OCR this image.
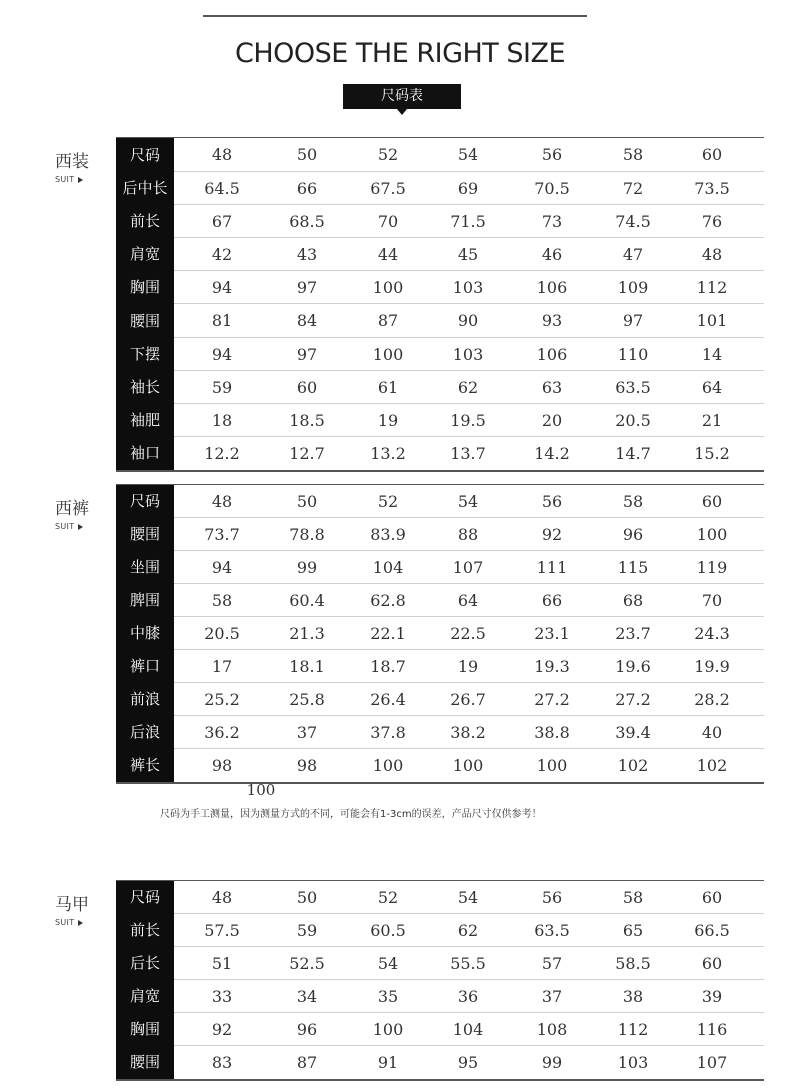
CHOOSE THE RIGHT SIZE
尺码表
西装
SUIT
尺码	48	50	52	54	56	58	60
后中长	64.5	66	67.5	69	70.5	72	73.5
前长	67	68.5	70	71.5	73	74.5	76
肩宽	42	43	44	45	46	47	48
胸围	94	97	100	103	106	109	112
腰围	81	84	87	90	93	97	101
下摆	94	97	100	103	106	110	14
袖长	59	60	61	62	63	63.5	64
袖肥	18	18.5	19	19.5	20	20.5	21
袖口	12.2	12.7	13.2	13.7	14.2	14.7	15.2
西裤
SUIT
尺码	48	50	52	54	56	58	60
腰围	73.7	78.8	83.9	88	92	96	100
坐围	94	99	104	107	111	115	119
脾围	58	60.4	62.8	64	66	68	70
中膝	20.5	21.3	22.1	22.5	23.1	23.7	24.3
裤口	17	18.1	18.7	19	19.3	19.6	19.9
前浪	25.2	25.8	26.4	26.7	27.2	27.2	28.2
后浪	36.2	37	37.8	38.2	38.8	39.4	40
裤长	98	98	100	100	100	102	102
马甲
SUIT
尺码	48	50	52	54	56	58	60
前长	57.5	59	60.5	62	63.5	65	66.5
后长	51	52.5	54	55.5	57	58.5	60
肩宽	33	34	35	36	37	38	39
胸围	92	96	100	104	108	112	116
腰围	83	87	91	95	99	103	107
100
尺码为手工测量，因为测量方式的不同，可能会有1-3cm的误差，产品尺寸仅供参考！
